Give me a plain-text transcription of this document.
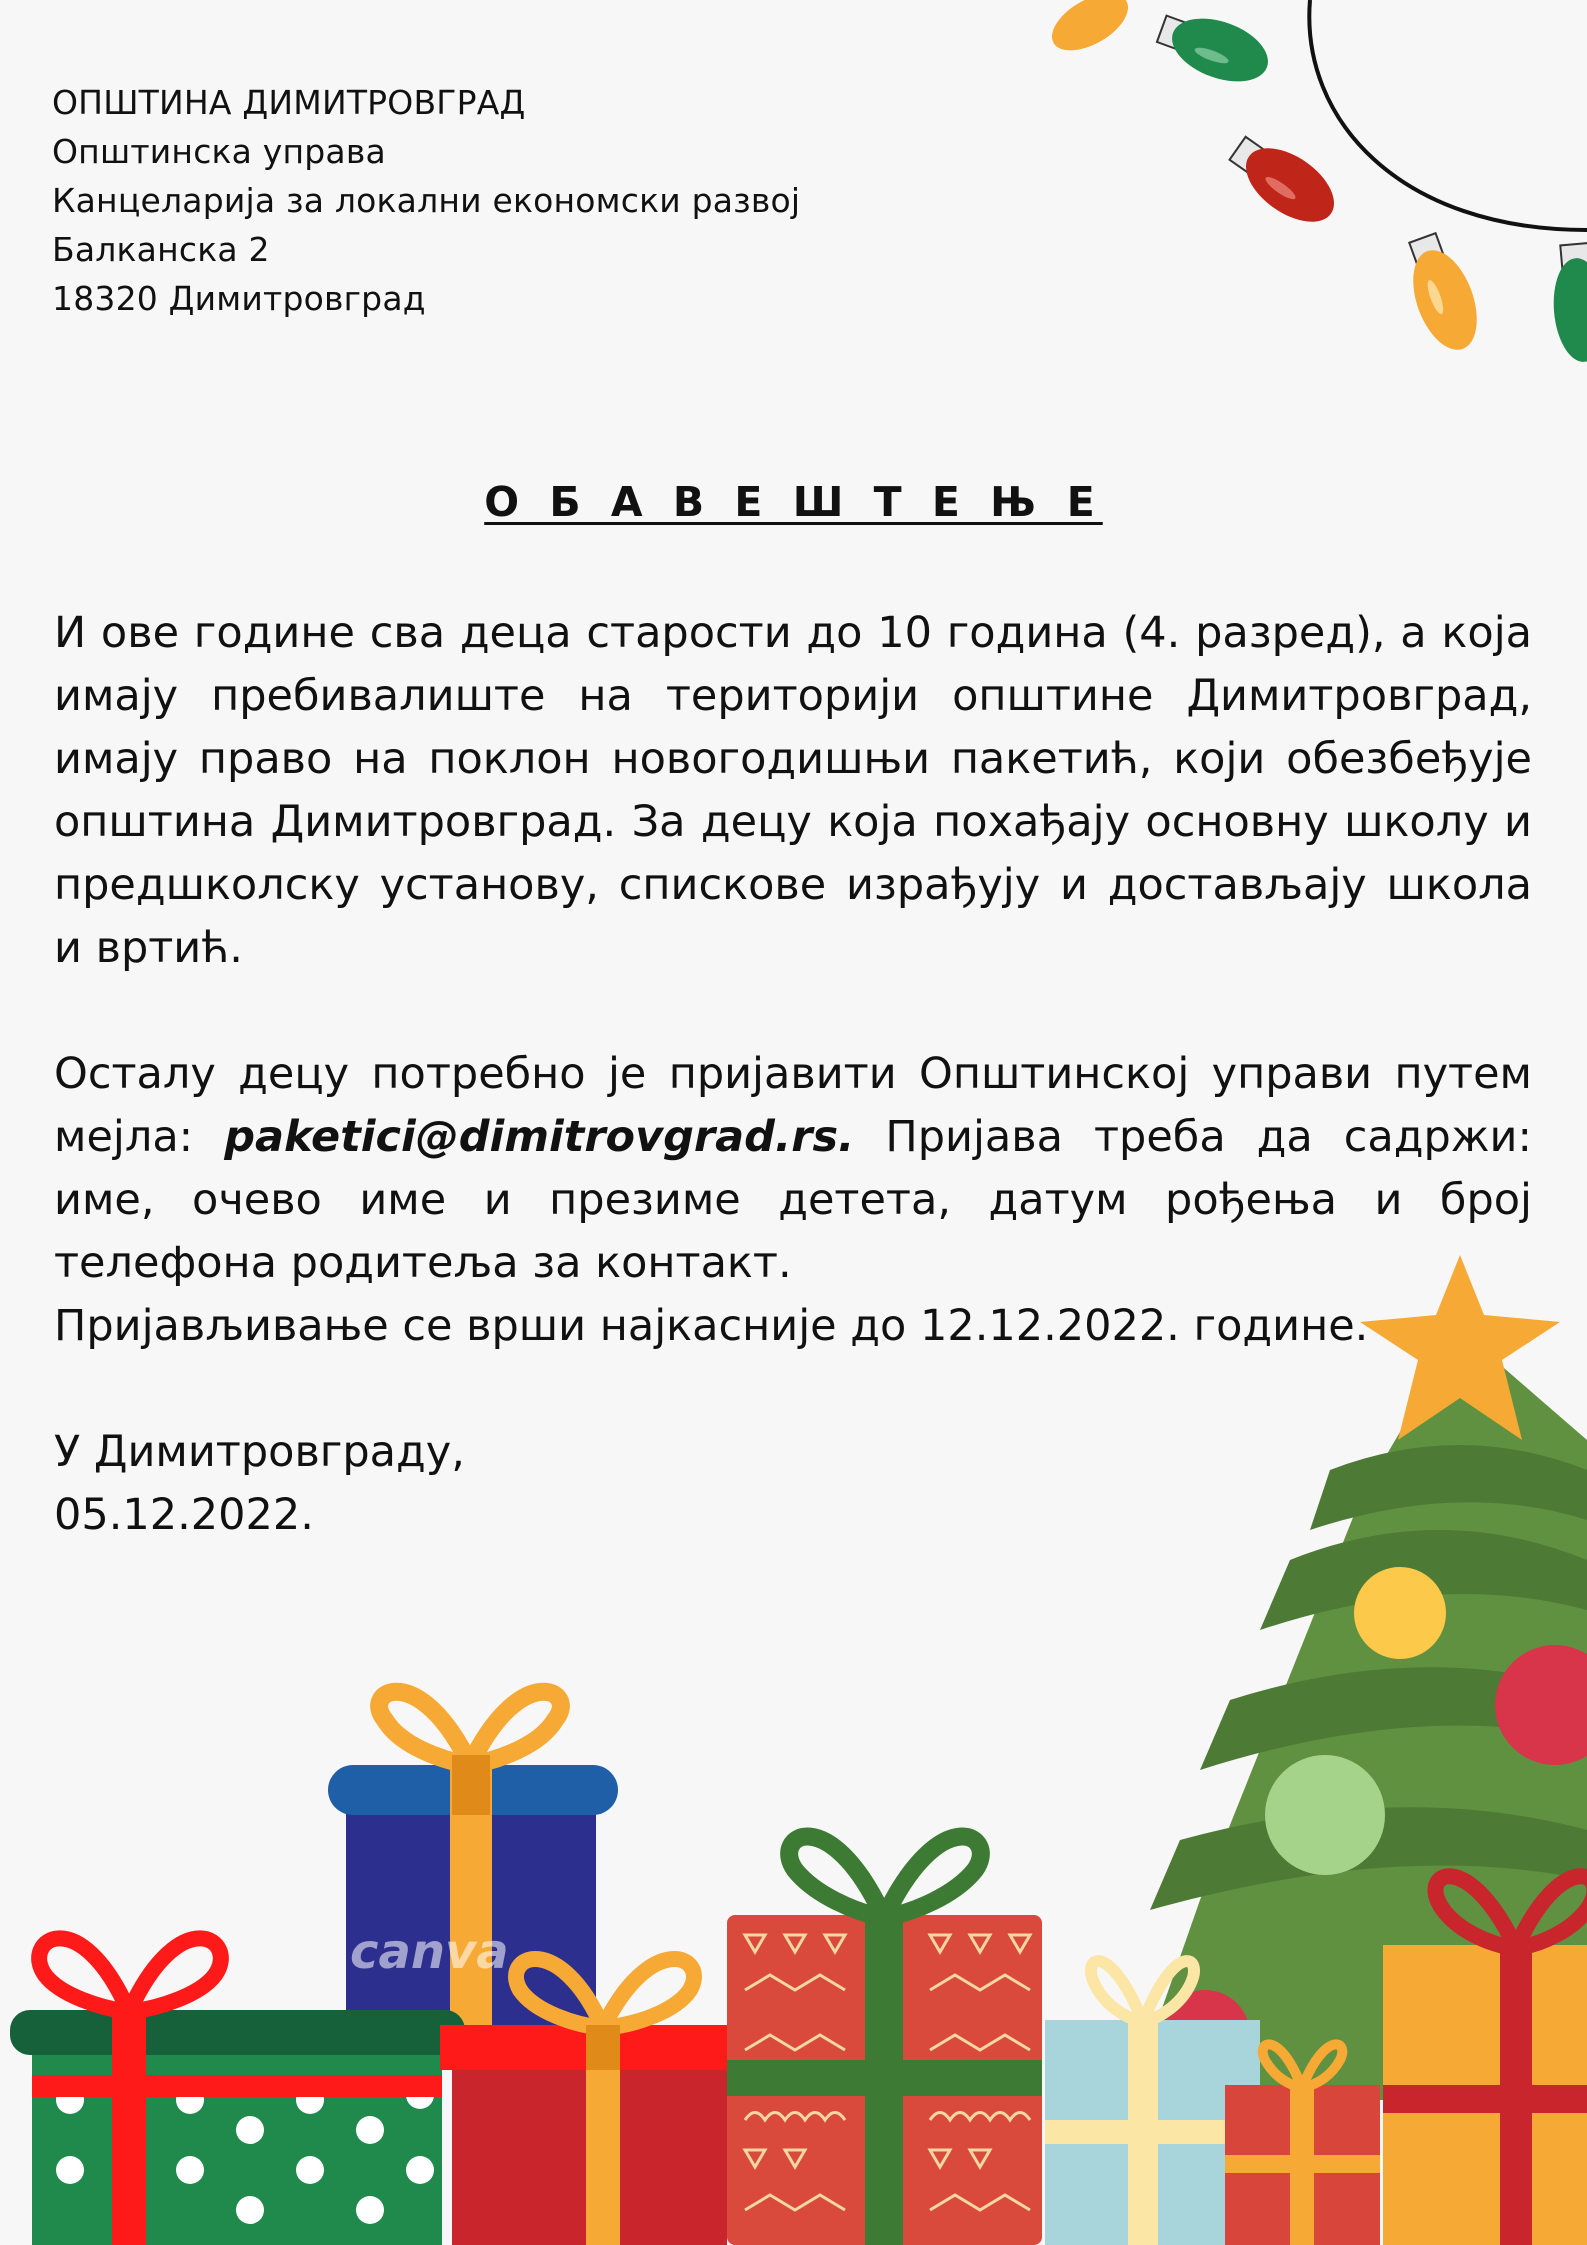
canva
ОПШТИНА ДИМИТРОВГРАД
Општинска управа
Канцеларија за локални економски развој
Балканска 2
18320 Димитровград
О Б А В Е Ш Т Е Њ Е
И ове године сва деца старости до 10 година (4. разред), а која имају пребивалиште на територији општине Димитровград, имају право на поклон новогодишњи пакетић, који обезбеђује општина Димитровград. За децу која похађају основну школу и предшколску установу, спискове израђују и достављају школа и вртић.
Осталу децу потребно је пријавити Општинској управи путем мејла: paketici@dimitrovgrad.rs. Пријава треба да садржи: име, очево име и презиме детета, датум рођења и број телефона родитеља за контакт.
Пријављивање се врши најкасније до 12.12.2022. године.
У Димитровграду,
05.12.2022.
